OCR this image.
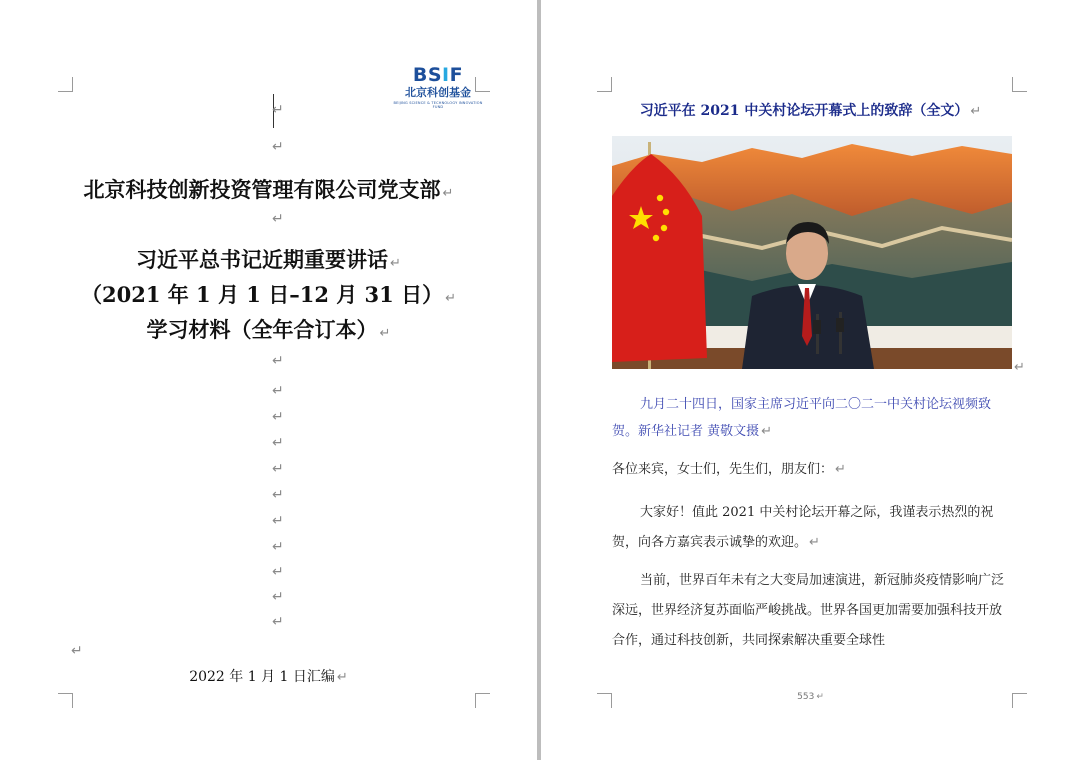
BSIF
北京科创基金
BEIJING SCIENCE & TECHNOLOGY INNOVATION FUND
↵
↵
北京科技创新投资管理有限公司党支部 ↵
↵
习近平总书记近期重要讲话 ↵
（2021 年 1 月 1 日–12 月 31 日） ↵
学习材料（全年合订本） ↵
↵
↵
↵
↵
↵
↵
↵
↵
↵
↵
↵
↵
2022 年 1 月 1 日汇编 ↵
习近平在 2021 中关村论坛开幕式上的致辞（全文） ↵
↵
九月二十四日，国家主席习近平向二〇二一中关村论坛视频致贺。新华社记者 黄敬文摄 ↵
各位来宾，女士们，先生们，朋友们： ↵
大家好！值此 2021 中关村论坛开幕之际，我谨表示热烈的祝贺，向各方嘉宾表示诚挚的欢迎。 ↵
当前，世界百年未有之大变局加速演进，新冠肺炎疫情影响广泛深远，世界经济复苏面临严峻挑战。世界各国更加需要加强科技开放合作，通过科技创新，共同探索解决重要全球性
553 ↵
